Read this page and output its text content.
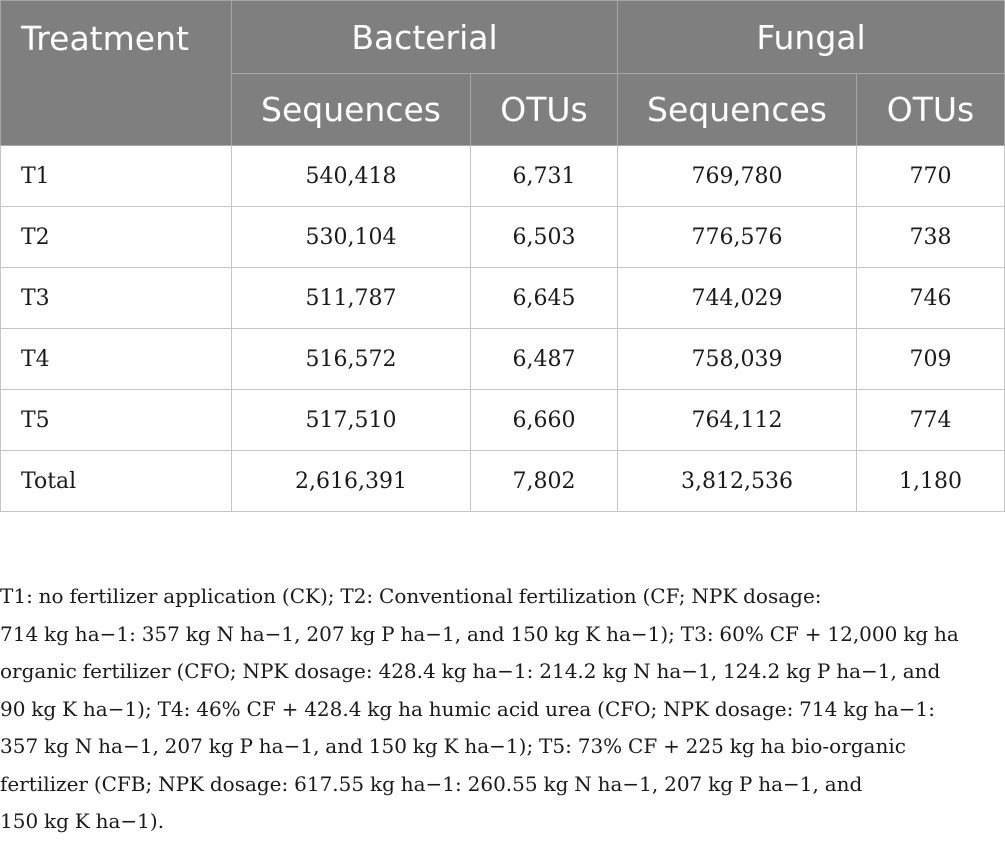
Treatment	Bacterial		Fungal	
	Sequences	OTUs	Sequences	OTUs
T1	540,418	6,731	769,780	770
T2	530,104	6,503	776,576	738
T3	511,787	6,645	744,029	746
T4	516,572	6,487	758,039	709
T5	517,510	6,660	764,112	774
Total	2,616,391	7,802	3,812,536	1,180

T1: no fertilizer application (CK); T2: Conventional fertilization (CF; NPK dosage:
714 kg ha−1: 357 kg N ha−1, 207 kg P ha−1, and 150 kg K ha−1); T3: 60% CF + 12,000 kg ha
organic fertilizer (CFO; NPK dosage: 428.4 kg ha−1: 214.2 kg N ha−1, 124.2 kg P ha−1, and
90 kg K ha−1); T4: 46% CF + 428.4 kg ha humic acid urea (CFO; NPK dosage: 714 kg ha−1:
357 kg N ha−1, 207 kg P ha−1, and 150 kg K ha−1); T5: 73% CF + 225 kg ha bio-organic
fertilizer (CFB; NPK dosage: 617.55 kg ha−1: 260.55 kg N ha−1, 207 kg P ha−1, and
150 kg K ha−1).
